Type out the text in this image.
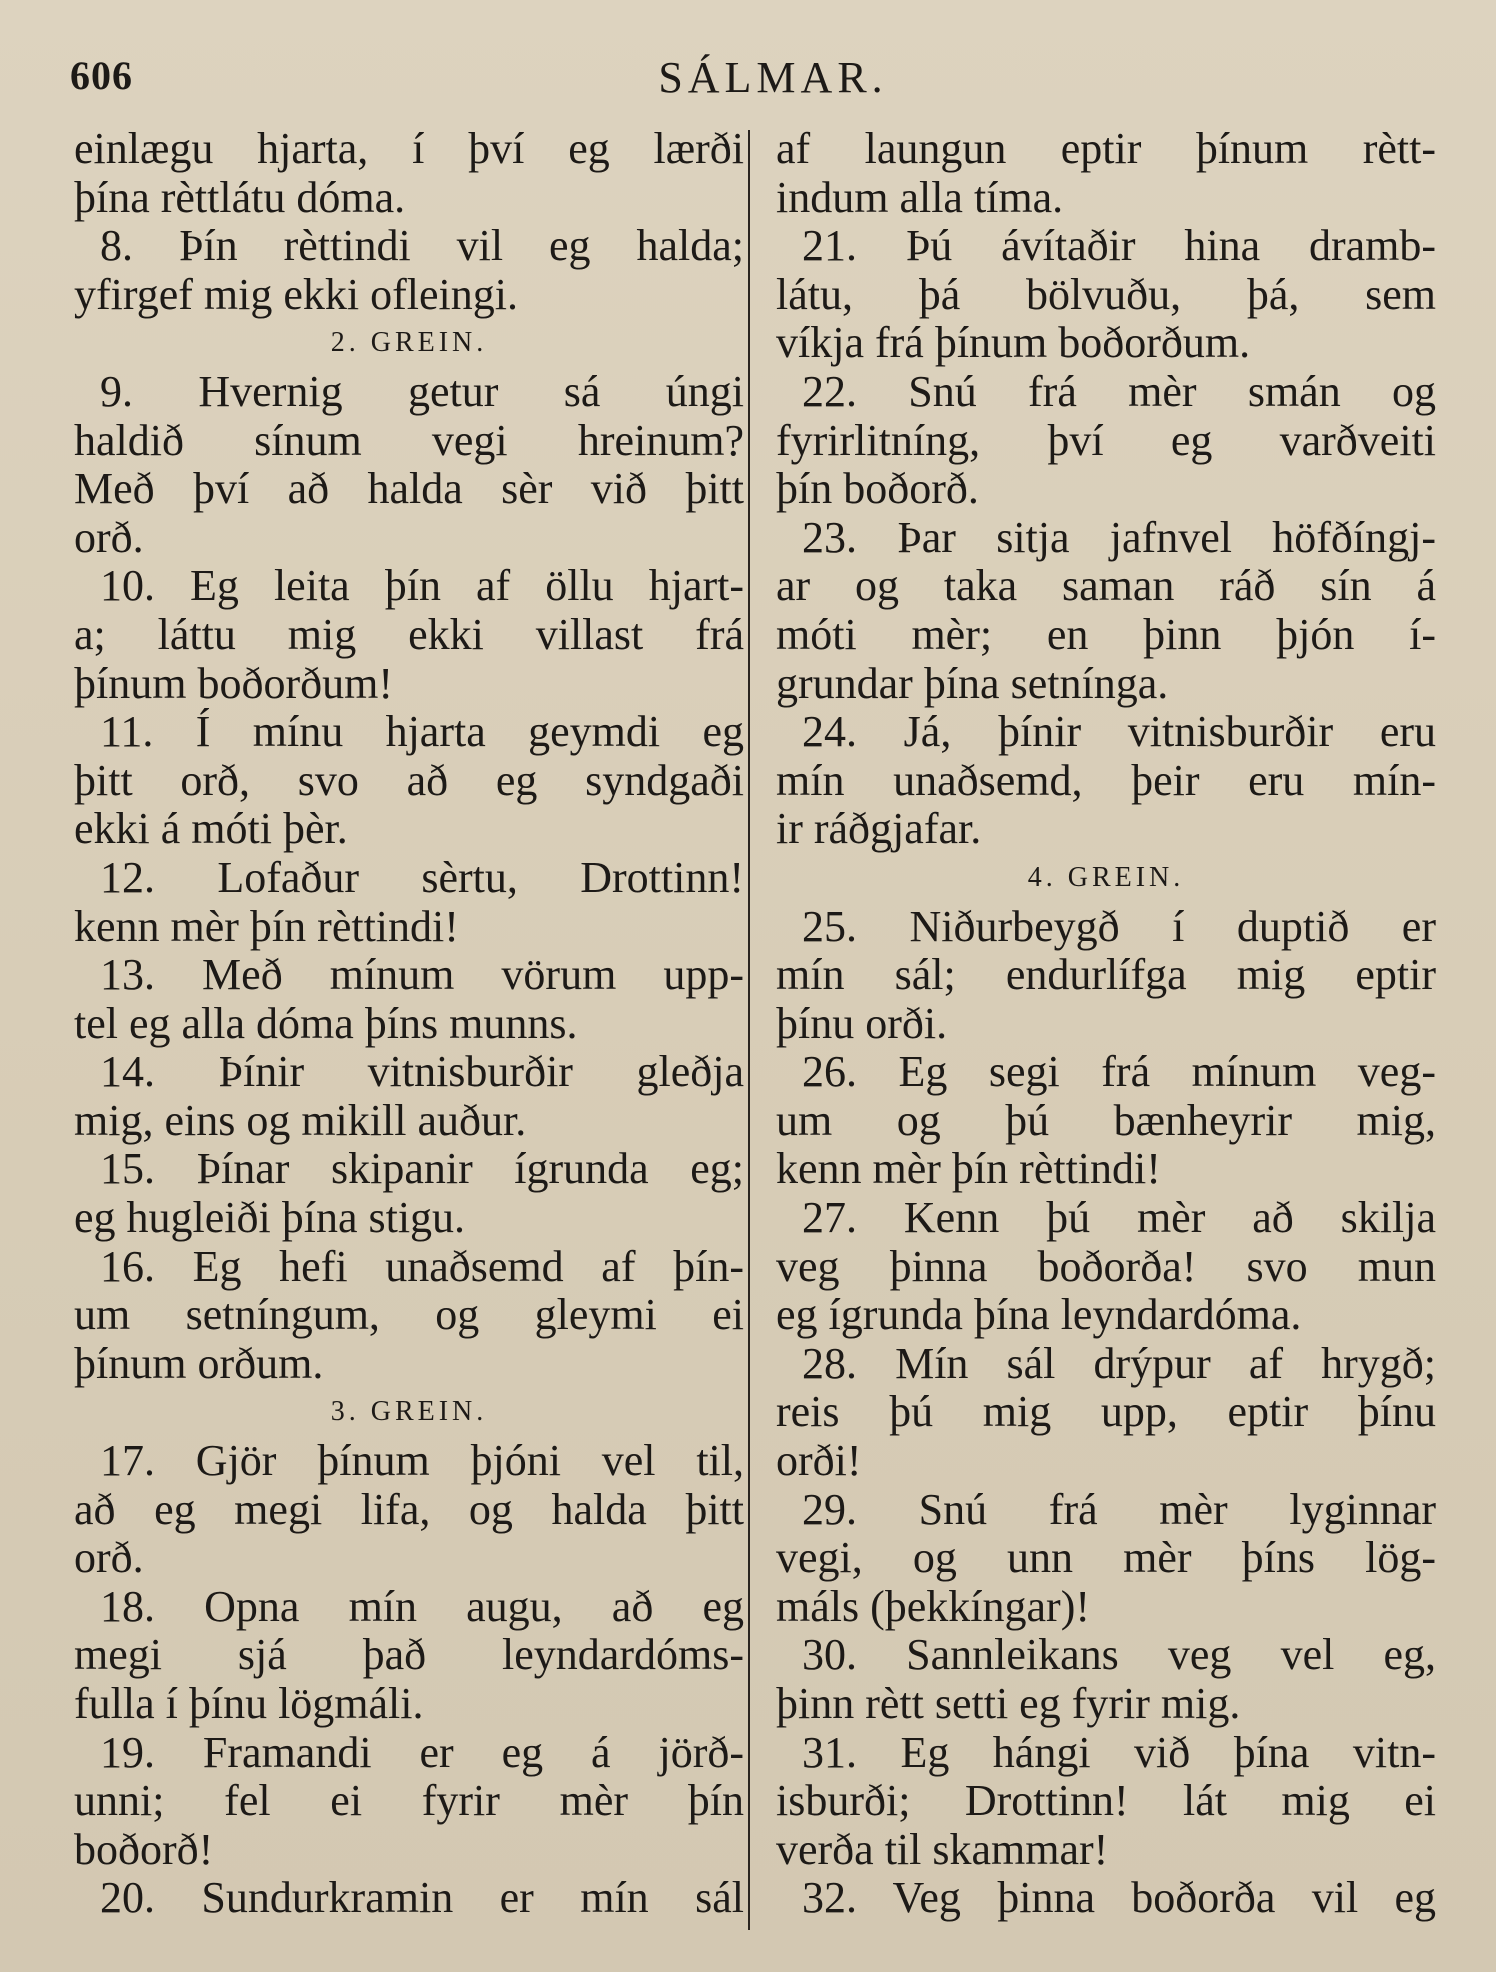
606	SÁLMAR.
einlægu hjarta, í því eg lærði
þína rèttlátu dóma.
8. Þín rèttindi vil eg halda;
yfirgef mig ekki ofleingi.
2. GREIN.
9. Hvernig getur sá úngi
haldið sínum vegi hreinum?
Með því að halda sèr við þitt
orð.
10. Eg leita þín af öllu hjart-
a; láttu mig ekki villast frá
þínum boðorðum!
11. Í mínu hjarta geymdi eg
þitt orð, svo að eg syndgaði
ekki á móti þèr.
12. Lofaður sèrtu, Drottinn!
kenn mèr þín rèttindi!
13. Með mínum vörum upp-
tel eg alla dóma þíns munns.
14. Þínir vitnisburðir gleðja
mig, eins og mikill auður.
15. Þínar skipanir ígrunda eg;
eg hugleiði þína stigu.
16. Eg hefi unaðsemd af þín-
um setníngum, og gleymi ei
þínum orðum.
3. GREIN.
17. Gjör þínum þjóni vel til,
að eg megi lifa, og halda þitt
orð.
18. Opna mín augu, að eg
megi sjá það leyndardóms-
fulla í þínu lögmáli.
19. Framandi er eg á jörð-
unni; fel ei fyrir mèr þín
boðorð!
20. Sundurkramin er mín sál
af laungun eptir þínum rètt-
indum alla tíma.
21. Þú ávítaðir hina dramb-
látu, þá bölvuðu, þá, sem
víkja frá þínum boðorðum.
22. Snú frá mèr smán og
fyrirlitníng, því eg varðveiti
þín boðorð.
23. Þar sitja jafnvel höfðíngj-
ar og taka saman ráð sín á
móti mèr; en þinn þjón í-
grundar þína setnínga.
24. Já, þínir vitnisburðir eru
mín unaðsemd, þeir eru mín-
ir ráðgjafar.
4. GREIN.
25. Niðurbeygð í duptið er
mín sál; endurlífga mig eptir
þínu orði.
26. Eg segi frá mínum veg-
um og þú bænheyrir mig,
kenn mèr þín rèttindi!
27. Kenn þú mèr að skilja
veg þinna boðorða! svo mun
eg ígrunda þína leyndardóma.
28. Mín sál drýpur af hrygð;
reis þú mig upp, eptir þínu
orði!
29. Snú frá mèr lyginnar
vegi, og unn mèr þíns lög-
máls (þekkíngar)!
30. Sannleikans veg vel eg,
þinn rètt setti eg fyrir mig.
31. Eg hángi við þína vitn-
isburði; Drottinn! lát mig ei
verða til skammar!
32. Veg þinna boðorða vil eg
